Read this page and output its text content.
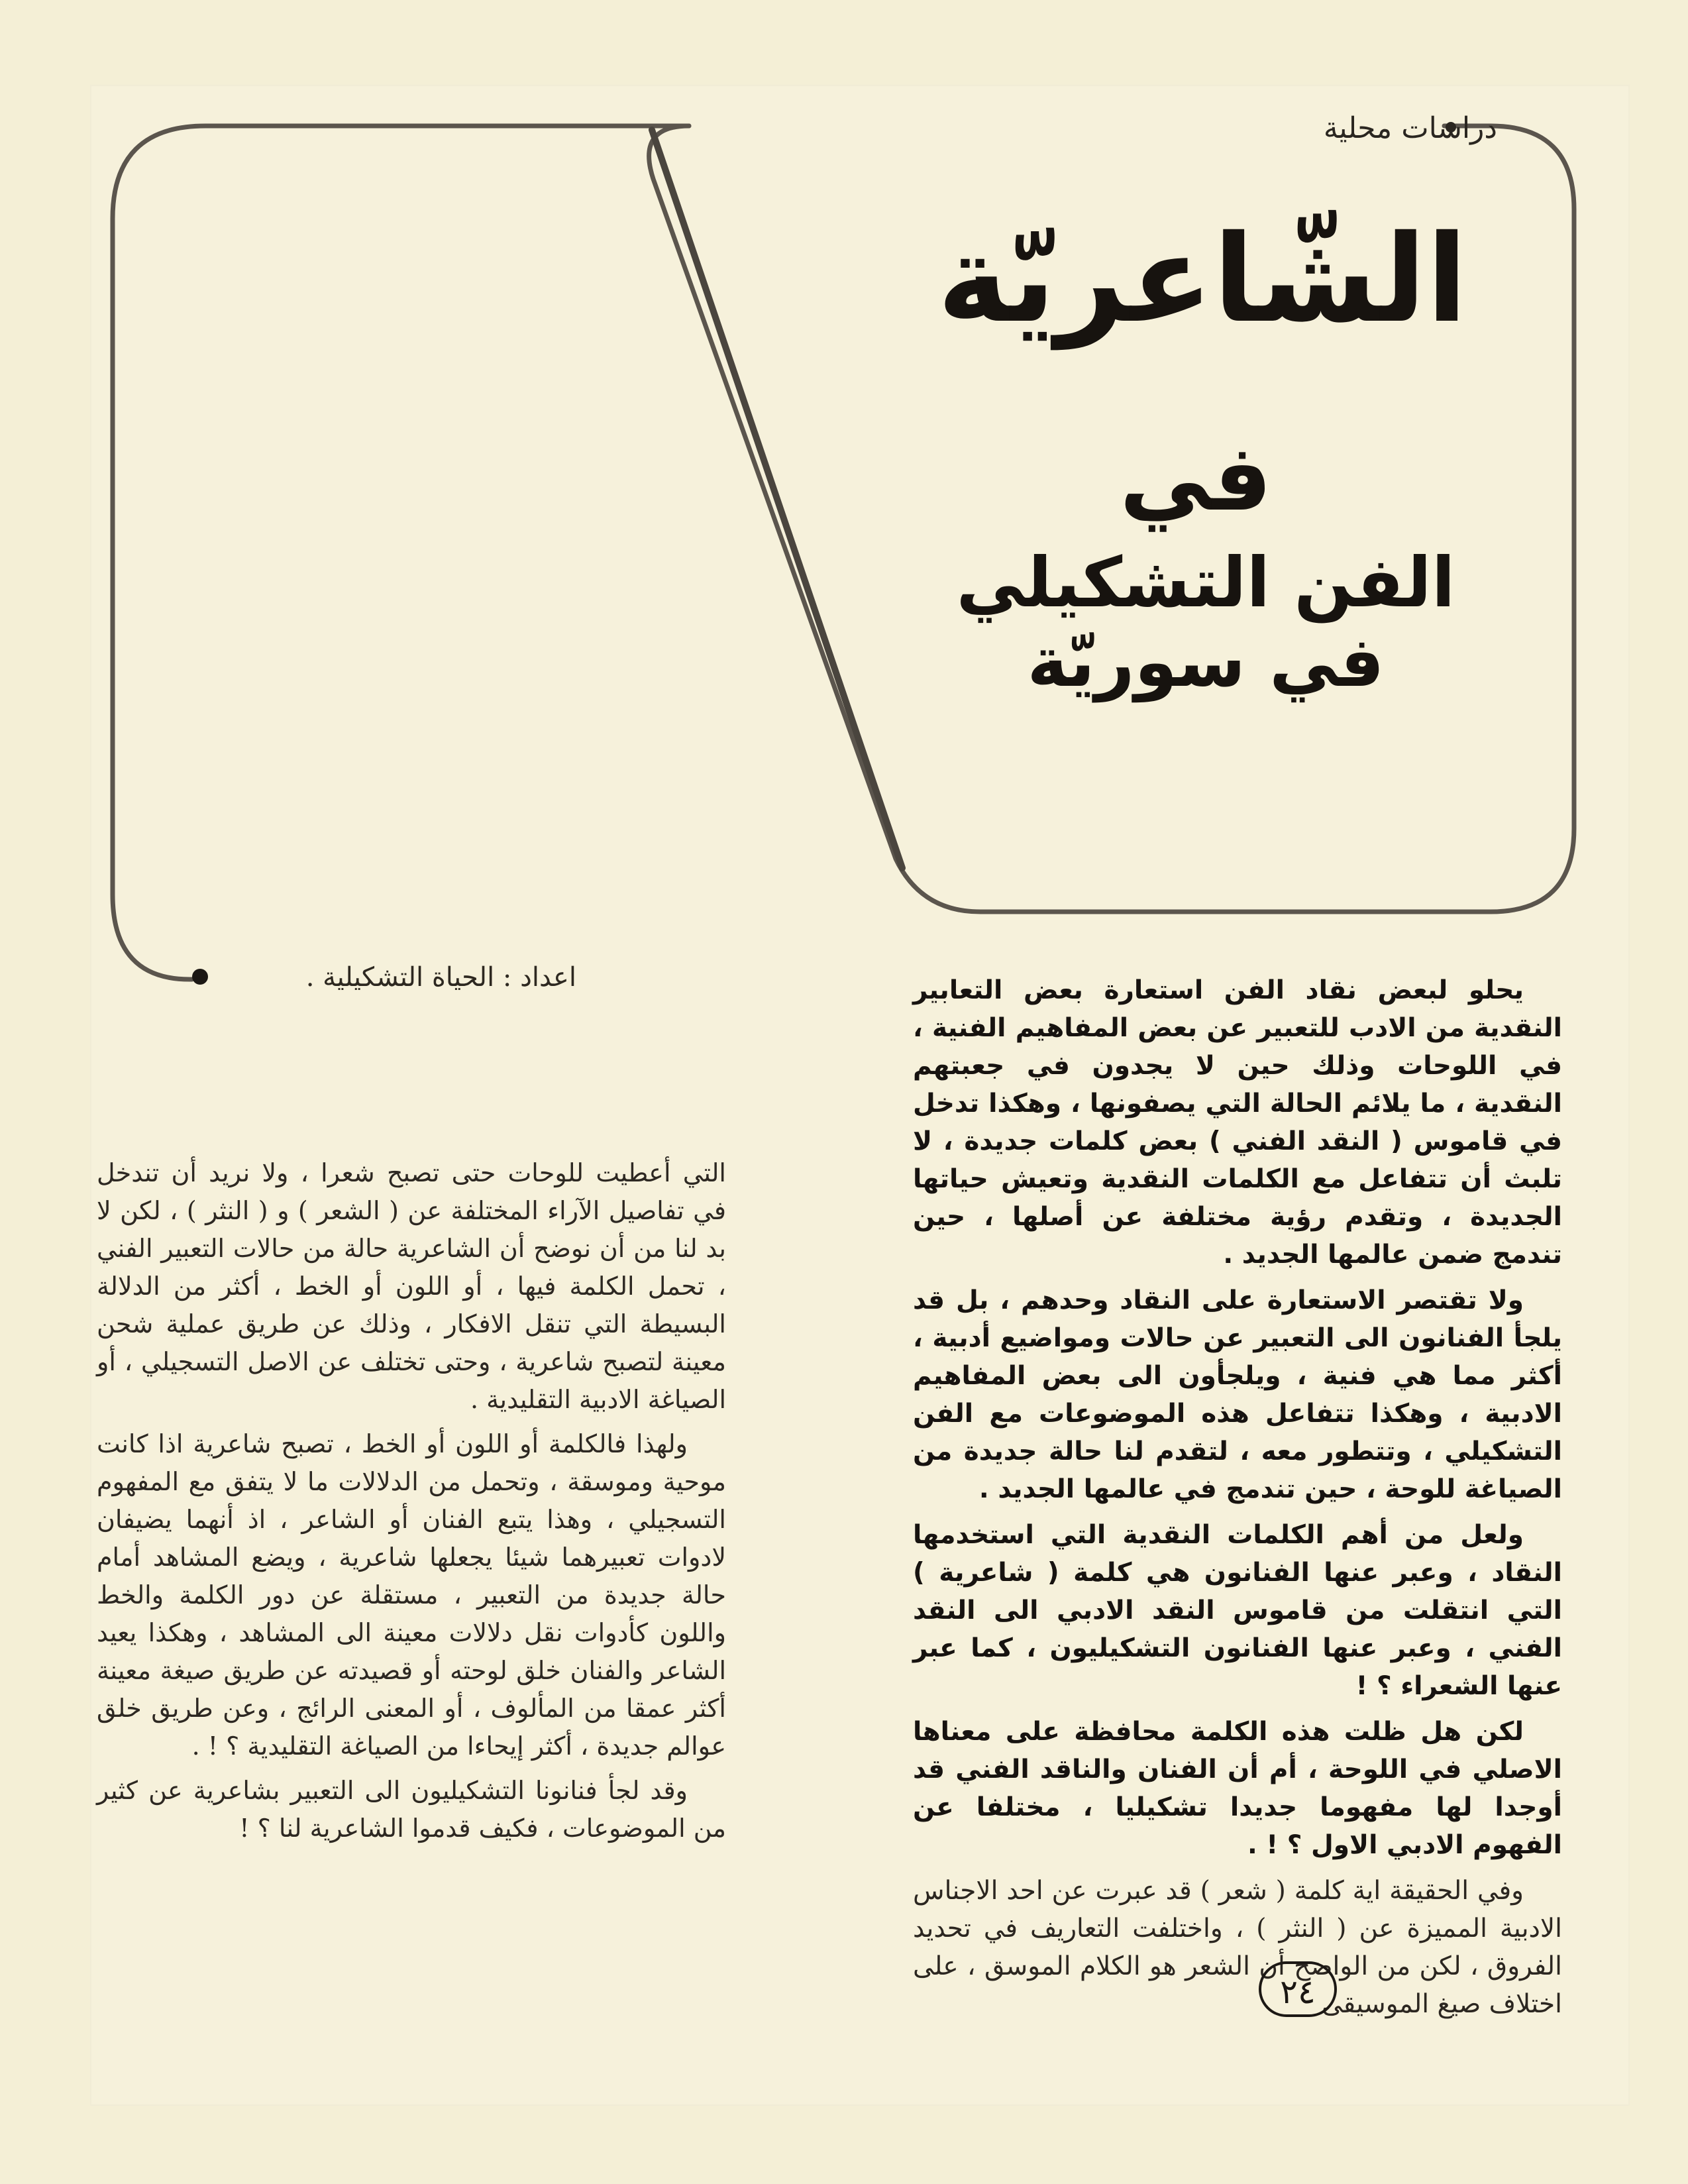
دراسات محلية
الشّاعريّة
في
الفن التشكيلي في سوريّة
اعداد : الحياة التشكيلية .	يحلو لبعض نقاد الفن استعارة بعض التعابير النقدية من الادب للتعبير عن بعض المفاهيم الفنية ، في اللوحات وذلك حين لا يجدون في جعبتهم النقدية ، ما يلائم الحالة التي يصفونها ، وهكذا تدخل في قاموس ( النقد الفني ) بعض كلمات جديدة ، لا تلبث أن تتفاعل مع الكلمات النقدية وتعيش حياتها الجديدة ، وتقدم رؤية مختلفة عن أصلها ، حين تندمج ضمن عالمها الجديد .

ولا تقتصر الاستعارة على النقاد وحدهم ، بل قد يلجأ الفنانون الى التعبير عن حالات ومواضيع أدبية ، أكثر مما هي فنية ، ويلجأون الى بعض المفاهيم الادبية ، وهكذا تتفاعل هذه الموضوعات مع الفن التشكيلي ، وتتطور معه ، لتقدم لنا حالة جديدة من الصياغة للوحة ، حين تندمج في عالمها الجديد .

ولعل من أهم الكلمات النقدية التي استخدمها النقاد ، وعبر عنها الفنانون هي كلمة ( شاعرية ) التي انتقلت من قاموس النقد الادبي الى النقد الفني ، وعبر عنها الفنانون التشكيليون ، كما عبر عنها الشعراء ؟ !

لكن هل ظلت هذه الكلمة محافظة على معناها الاصلي في اللوحة ، أم أن الفنان والناقد الفني قد أوجدا لها مفهوما جديدا تشكيليا ، مختلفا عن الفهوم الادبي الاول ؟ ! .

وفي الحقيقة اية كلمة ( شعر ) قد عبرت عن احد الاجناس الادبية المميزة عن ( النثر ) ، واختلفت التعاريف في تحديد الفروق ، لكن من الواضح أن الشعر هو الكلام الموسق ، على اختلاف صيغ الموسيقى

التي أعطيت للوحات حتى تصبح شعرا ، ولا نريد أن تندخل في تفاصيل الآراء المختلفة عن ( الشعر ) و ( النثر ) ، لكن لا بد لنا من أن نوضح أن الشاعرية حالة من حالات التعبير الفني ، تحمل الكلمة فيها ، أو اللون أو الخط ، أكثر من الدلالة البسيطة التي تنقل الافكار ، وذلك عن طريق عملية شحن معينة لتصبح شاعرية ، وحتى تختلف عن الاصل التسجيلي ، أو الصياغة الادبية التقليدية .

ولهذا فالكلمة أو اللون أو الخط ، تصبح شاعرية اذا كانت موحية وموسقة ، وتحمل من الدلالات ما لا يتفق مع المفهوم التسجيلي ، وهذا يتبع الفنان أو الشاعر ، اذ أنهما يضيفان لادوات تعبيرهما شيئا يجعلها شاعرية ، ويضع المشاهد أمام حالة جديدة من التعبير ، مستقلة عن دور الكلمة والخط واللون كأدوات نقل دلالات معينة الى المشاهد ، وهكذا يعيد الشاعر والفنان خلق لوحته أو قصيدته عن طريق صيغة معينة أكثر عمقا من المألوف ، أو المعنى الرائج ، وعن طريق خلق عوالم جديدة ، أكثر إيحاءا من الصياغة التقليدية ؟ ! .

وقد لجأ فنانونا التشكيليون الى التعبير بشاعرية عن كثير من الموضوعات ، فكيف قدموا الشاعرية لنا ؟ !

٢٤
